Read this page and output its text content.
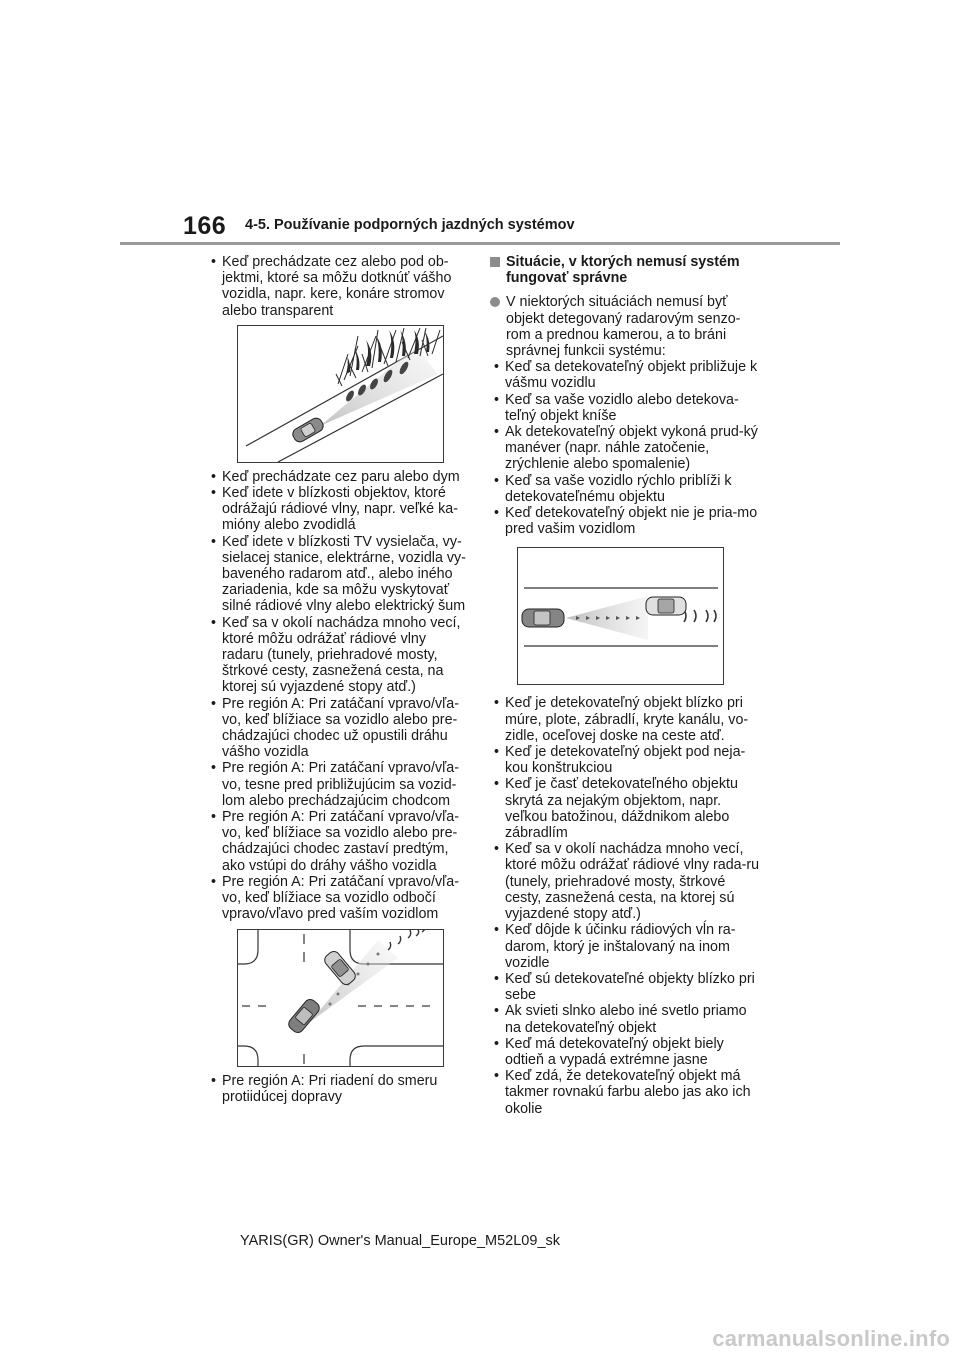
166 4-5. Používanie podporných jazdných systémov
• Keď prechádzate cez alebo pod ob-jektmi, ktoré sa môžu dotknúť vášho vozidla, napr. kere, konáre stromov alebo transparent
• Keď prechádzate cez paru alebo dym
• Keď idete v blízkosti objektov, ktoré odrážajú rádiové vlny, napr. veľké ka-mióny alebo zvodidlá
• Keď idete v blízkosti TV vysielača, vy-sielacej stanice, elektrárne, vozidla vy-baveného radarom atď., alebo iného zariadenia, kde sa môžu vyskytovať silné rádiové vlny alebo elektrický šum
• Keď sa v okolí nachádza mnoho vecí, ktoré môžu odrážať rádiové vlny radaru (tunely, priehradové mosty, štrkové cesty, zasnežená cesta, na ktorej sú vyjazdené stopy atď.)
• Pre región A: Pri zatáčaní vpravo/vľa-vo, keď blížiace sa vozidlo alebo pre-chádzajúci chodec už opustili dráhu vášho vozidla
• Pre región A: Pri zatáčaní vpravo/vľa-vo, tesne pred približujúcim sa vozid-lom alebo prechádzajúcim chodcom
• Pre región A: Pri zatáčaní vpravo/vľa-vo, keď blížiace sa vozidlo alebo pre-chádzajúci chodec zastaví predtým, ako vstúpi do dráhy vášho vozidla
• Pre región A: Pri zatáčaní vpravo/vľa-vo, keď blížiace sa vozidlo odbočí vpravo/vľavo pred vaším vozidlom
• Pre región A: Pri riadení do smeru protiidúcej dopravy
Situácie, v ktorých nemusí systém fungovať správne
V niektorých situáciách nemusí byť objekt detegovaný radarovým senzo-rom a prednou kamerou, a to bráni správnej funkcii systému:
• Keď sa detekovateľný objekt približuje k vášmu vozidlu
• Keď sa vaše vozidlo alebo detekova-teľný objekt kníše
• Ak detekovateľný objekt vykoná prud-ký manéver (napr. náhle zatočenie, zrýchlenie alebo spomalenie)
• Keď sa vaše vozidlo rýchlo priblíži k detekovateľnému objektu
• Keď detekovateľný objekt nie je pria-mo pred vašim vozidlom
• Keď je detekovateľný objekt blízko pri múre, plote, zábradlí, kryte kanálu, vo-zidle, oceľovej doske na ceste atď.
• Keď je detekovateľný objekt pod neja-kou konštrukciou
• Keď je časť detekovateľného objektu skrytá za nejakým objektom, napr. veľkou batožinou, dáždnikom alebo zábradlím
• Keď sa v okolí nachádza mnoho vecí, ktoré môžu odrážať rádiové vlny rada-ru (tunely, priehradové mosty, štrkové cesty, zasnežená cesta, na ktorej sú vyjazdené stopy atď.)
• Keď dôjde k účinku rádiových vĺn ra-darom, ktorý je inštalovaný na inom vozidle
• Keď sú detekovateľné objekty blízko pri sebe
• Ak svieti slnko alebo iné svetlo priamo na detekovateľný objekt
• Keď má detekovateľný objekt biely odtieň a vypadá extrémne jasne
• Keď zdá, že detekovateľný objekt má takmer rovnakú farbu alebo jas ako ich okolie
YARIS(GR) Owner's Manual_Europe_M52L09_sk
carmanualsonline.info
